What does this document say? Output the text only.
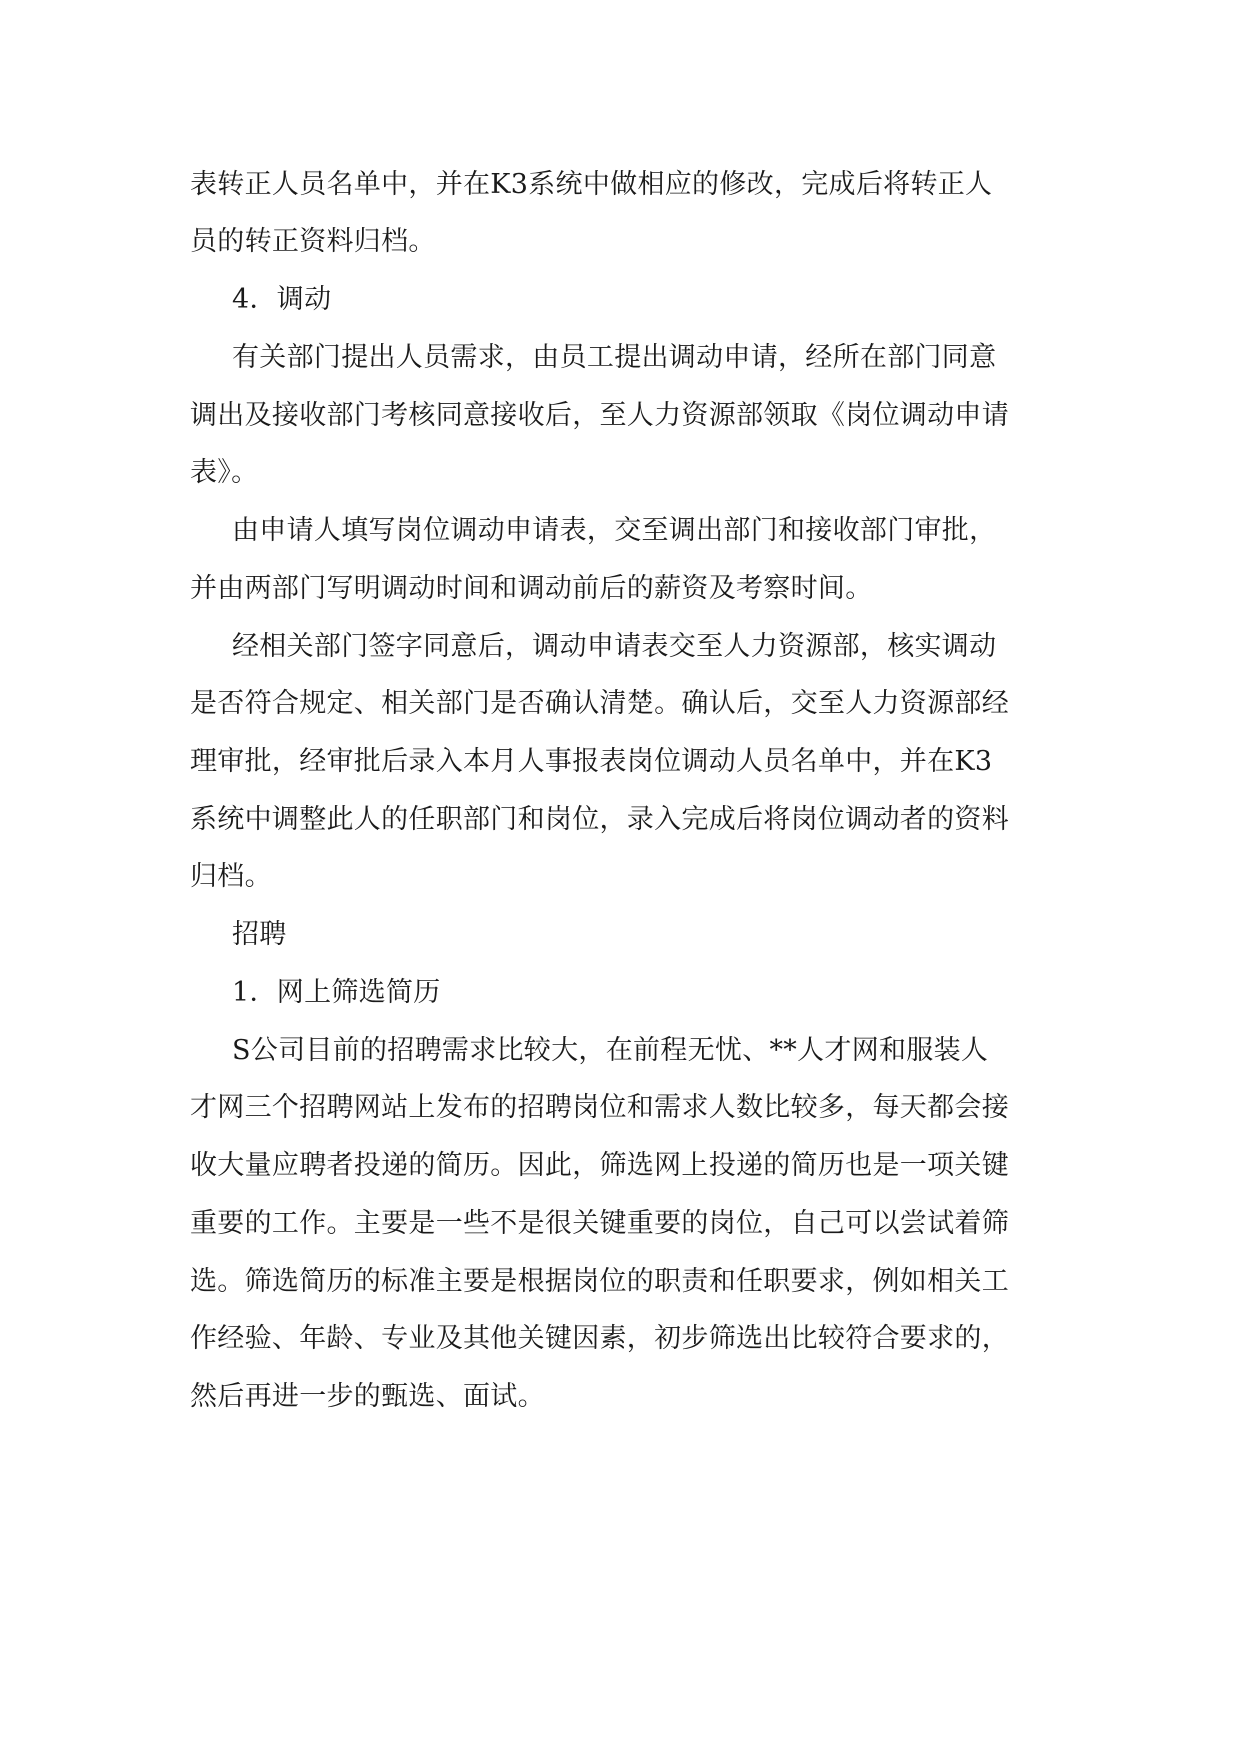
表转正人员名单中，并在K3系统中做相应的修改，完成后将转正人
员的转正资料归档。
4．调动
有关部门提出人员需求，由员工提出调动申请，经所在部门同意
调出及接收部门考核同意接收后，至人力资源部领取《岗位调动申请
表》。
由申请人填写岗位调动申请表，交至调出部门和接收部门审批，
并由两部门写明调动时间和调动前后的薪资及考察时间。
经相关部门签字同意后，调动申请表交至人力资源部，核实调动
是否符合规定、相关部门是否确认清楚。确认后，交至人力资源部经
理审批，经审批后录入本月人事报表岗位调动人员名单中，并在K3
系统中调整此人的任职部门和岗位，录入完成后将岗位调动者的资料
归档。
招聘
1．网上筛选简历
S公司目前的招聘需求比较大，在前程无忧、**人才网和服装人
才网三个招聘网站上发布的招聘岗位和需求人数比较多，每天都会接
收大量应聘者投递的简历。因此，筛选网上投递的简历也是一项关键
重要的工作。主要是一些不是很关键重要的岗位，自己可以尝试着筛
选。筛选简历的标准主要是根据岗位的职责和任职要求，例如相关工
作经验、年龄、专业及其他关键因素，初步筛选出比较符合要求的，
然后再进一步的甄选、面试。
